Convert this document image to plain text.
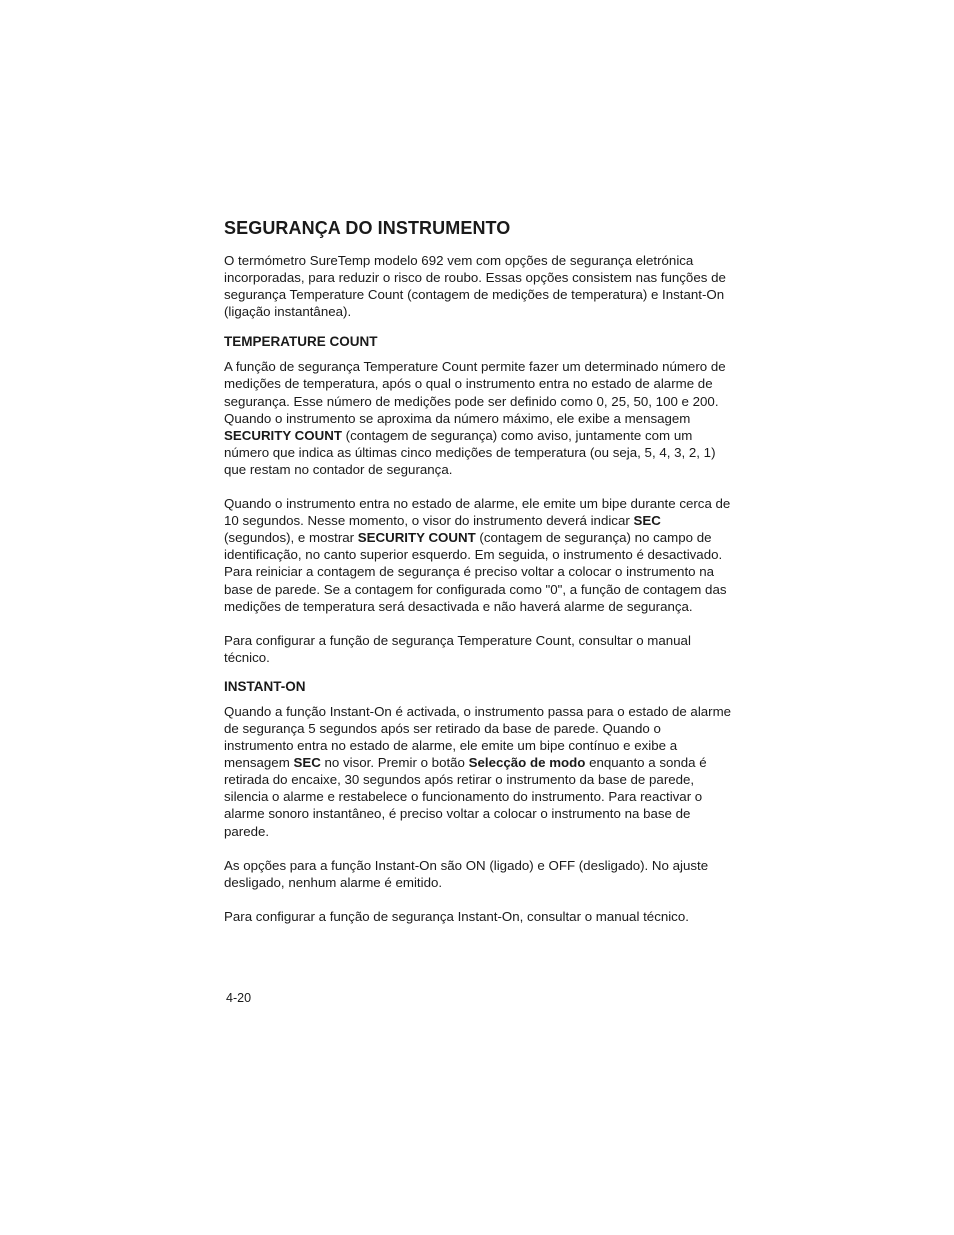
SEGURANÇA DO INSTRUMENTO

O termómetro SureTemp modelo 692 vem com opções de segurança eletrónica incorporadas, para reduzir o risco de roubo. Essas opções consistem nas funções de segurança Temperature Count (contagem de medições de temperatura) e Instant-On (ligação instantânea).

TEMPERATURE COUNT

A função de segurança Temperature Count permite fazer um determinado número de medições de temperatura, após o qual o instrumento entra no estado de alarme de segurança. Esse número de medições pode ser definido como 0, 25, 50, 100 e 200. Quando o instrumento se aproxima da número máximo, ele exibe a mensagem SECURITY COUNT (contagem de segurança) como aviso, juntamente com um número que indica as últimas cinco medições de temperatura (ou seja, 5, 4, 3, 2, 1) que restam no contador de segurança.

Quando o instrumento entra no estado de alarme, ele emite um bipe durante cerca de 10 segundos. Nesse momento, o visor do instrumento deverá indicar SEC (segundos), e mostrar SECURITY COUNT (contagem de segurança) no campo de identificação, no canto superior esquerdo. Em seguida, o instrumento é desactivado. Para reiniciar a contagem de segurança é preciso voltar a colocar o instrumento na base de parede. Se a contagem for configurada como "0", a função de contagem das medições de temperatura será desactivada e não haverá alarme de segurança.

Para configurar a função de segurança Temperature Count, consultar o manual técnico.

INSTANT-ON

Quando a função Instant-On é activada, o instrumento passa para o estado de alarme de segurança 5 segundos após ser retirado da base de parede. Quando o instrumento entra no estado de alarme, ele emite um bipe contínuo e exibe a mensagem SEC no visor. Premir o botão Selecção de modo enquanto a sonda é retirada do encaixe, 30 segundos após retirar o instrumento da base de parede, silencia o alarme e restabelece o funcionamento do instrumento. Para reactivar o alarme sonoro instantâneo, é preciso voltar a colocar o instrumento na base de parede.

As opções para a função Instant-On são ON (ligado) e OFF (desligado). No ajuste desligado, nenhum alarme é emitido.

Para configurar a função de segurança Instant-On, consultar o manual técnico.

4-20
